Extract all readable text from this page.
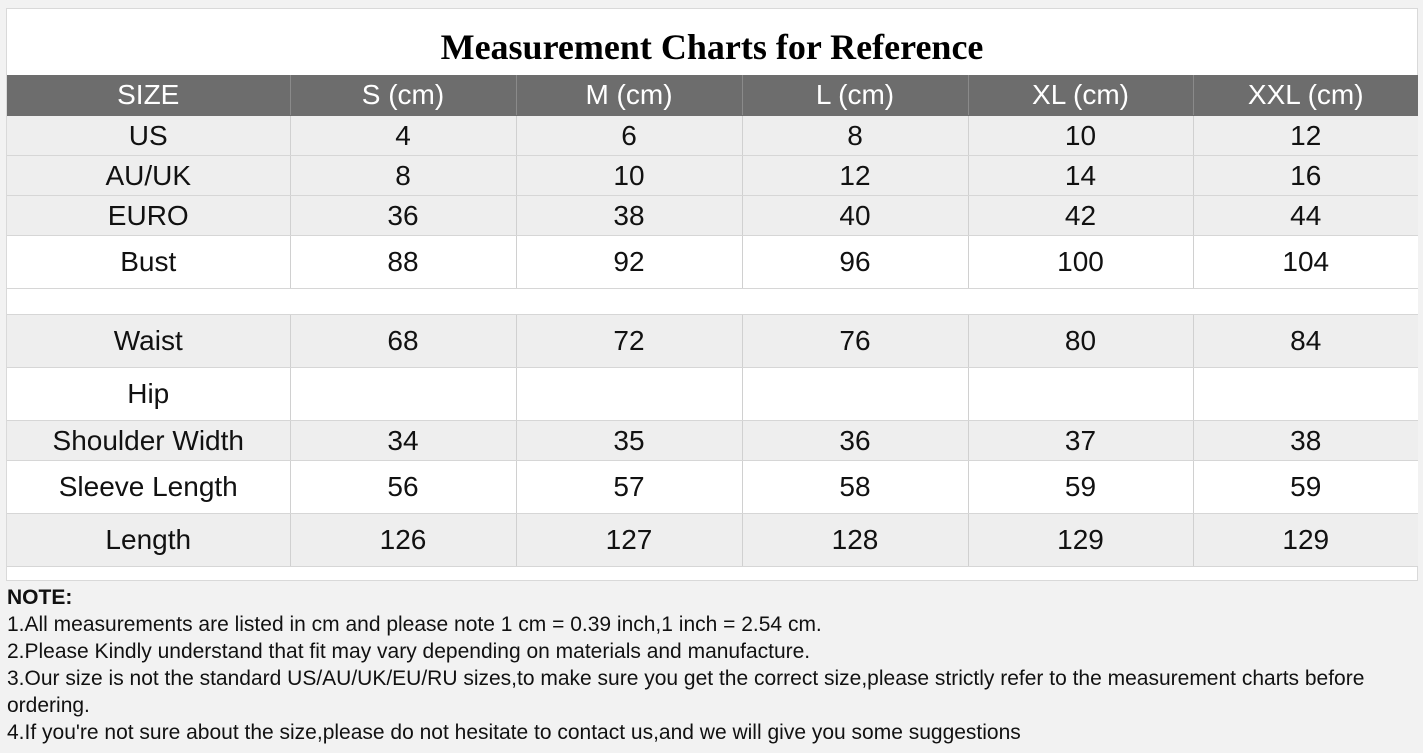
Measurement Charts for Reference
SIZE	S (cm)	M (cm)	L (cm)	XL (cm)	XXL (cm)
US	4	6	8	10	12
AU/UK	8	10	12	14	16
EURO	36	38	40	42	44
Bust	88	92	96	100	104

Waist	68	72	76	80	84
Hip					
Shoulder Width	34	35	36	37	38
Sleeve Length	56	57	58	59	59
Length	126	127	128	129	129

NOTE:

1.All measurements are listed in cm and please note 1 cm = 0.39 inch,1 inch = 2.54 cm.

2.Please Kindly understand that fit may vary depending on materials and manufacture.

3.Our size is not the standard US/AU/UK/EU/RU sizes,to make sure you get the correct size,please strictly refer to the measurement charts before ordering.

4.If you're not sure about the size,please do not hesitate to contact us,and we will give you some suggestions
